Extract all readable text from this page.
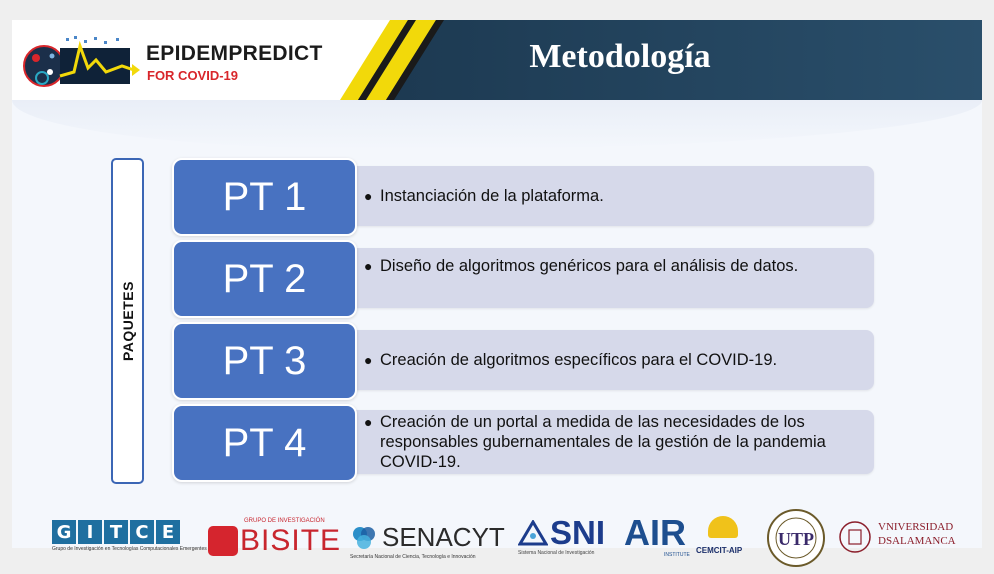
EPIDEMPREDICT
FOR COVID-19
Metodología
PAQUETES
● Instanciación de la plataforma.
PT 1
● Diseño de algoritmos genéricos para el análisis de datos.
PT 2
● Creación de algoritmos específicos para el COVID-19.
PT 3
● Creación de un portal a medida de las necesidades de los responsables gubernamentales de la gestión de la pandemia COVID-19.
PT 4
G I T C E
Grupo de Investigación en Tecnologías Computacionales Emergentes
GRUPO DE INVESTIGACIÓN
BISITE SENACYT
Secretaría Nacional de Ciencia, Tecnología e Innovación
SNI
Sistema Nacional de Investigación AIR
INSTITUTE CEMCIT-AIP
UTP
VNIVERSIDAD
DSALAMANCA
